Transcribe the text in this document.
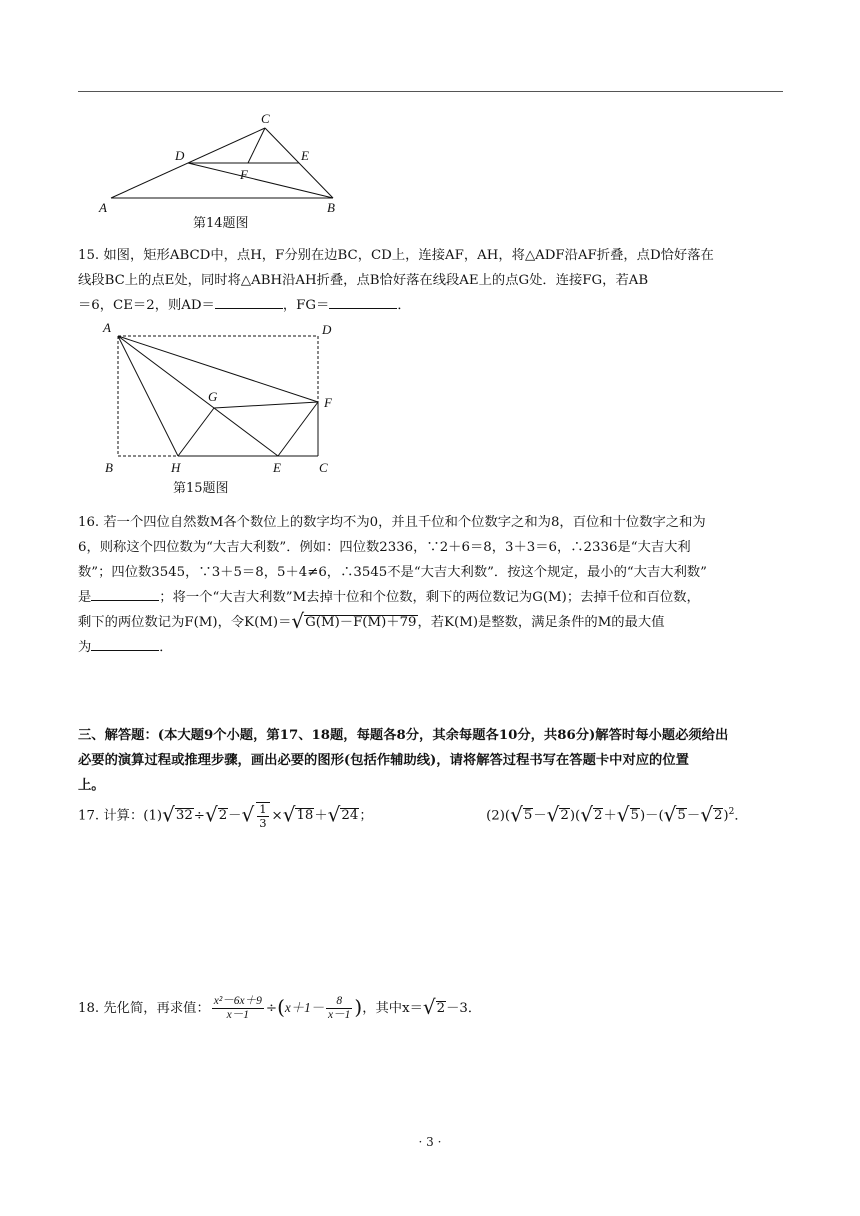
C
D	E
F
A	B
第14题图
15. 如图，矩形ABCD中，点H，F分别在边BC，CD上，连接AF，AH，将△ADF沿AF折叠，点D恰好落在
线段BC上的点E处，同时将△ABH沿AH折叠，点B恰好落在线段AE上的点G处．连接FG，若AB
＝6，CE＝2，则AD＝	，FG＝	．
A	D
G	F
B	H	E	C
第15题图
16. 若一个四位自然数M各个数位上的数字均不为0，并且千位和个位数字之和为8，百位和十位数字之和为
6，则称这个四位数为“大吉大利数”．例如：四位数2336，∵2＋6＝8，3＋3＝6，∴2336是“大吉大利
数”；四位数3545，∵3＋5＝8，5＋4≠6，∴3545不是“大吉大利数”．按这个规定，最小的“大吉大利数”
是	；将一个“大吉大利数”M去掉十位和个位数，剩下的两位数记为G(M)；去掉千位和百位数，
剩下的两位数记为F(M)，令K(M)＝√G(M)－F(M)＋79，若K(M)是整数，满足条件的M的最大值
为	．
三、解答题：(本大题9个小题，第17、18题，每题各8分，其余每题各10分，共86分)解答时每小题必须给出
必要的演算过程或推理步骤，画出必要的图形(包括作辅助线)，请将解答过程书写在答题卡中对应的位置
上。
17. 计算：$(1)√32\div√2-√ \frac{1}{3} \times√18+√24$；	$(2)(√5-√2)(√2+√5)-(√5-√2)^2$．
18. 先化简，再求值： $\frac{\text{x²－6x＋9}}{x-1} \div(x+1- \frac{8}{x-1}$ )，其中x＝√2－3．
· 3 ·
